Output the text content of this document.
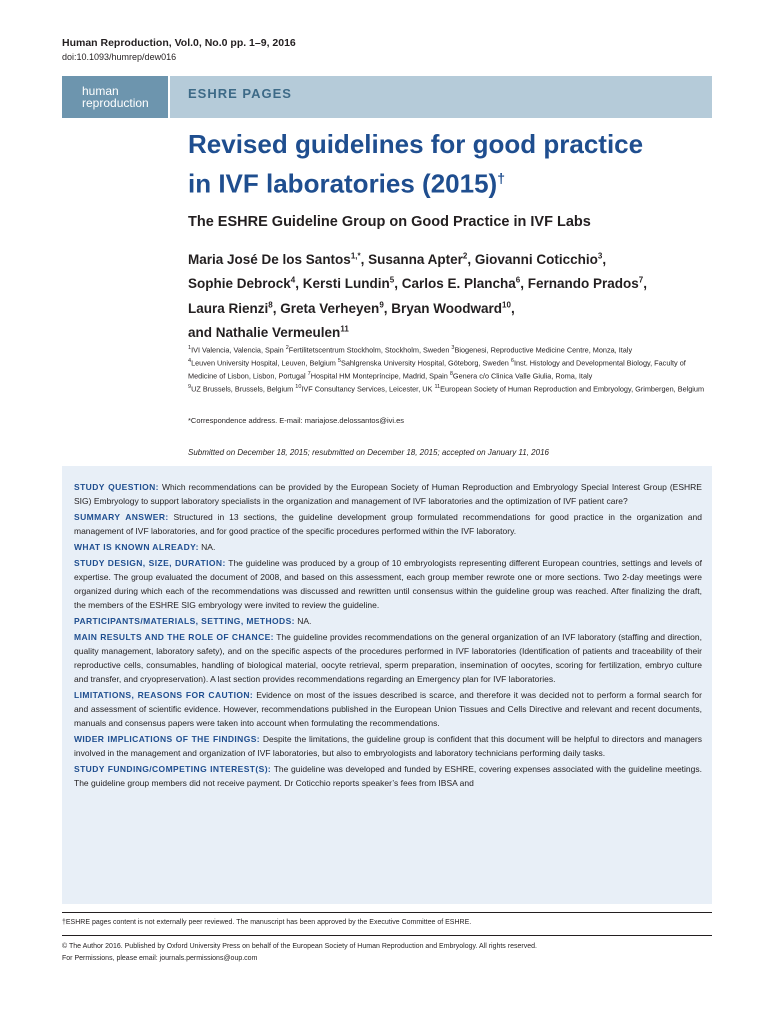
Human Reproduction, Vol.0, No.0 pp. 1–9, 2016
doi:10.1093/humrep/dew016
human
reproduction
ESHRE PAGES
Revised guidelines for good practice
in IVF laboratories (2015)†
The ESHRE Guideline Group on Good Practice in IVF Labs

Maria José De los Santos$^{1,*}$, Susanna Apter$^2$, Giovanni Coticchio$^3$,
Sophie Debrock$^4$, Kersti Lundin$^5$, Carlos E. Plancha$^6$, Fernando Prados$^7$,
Laura Rienzi$^8$, Greta Verheyen$^9$, Bryan Woodward$^{10}$,
and Nathalie Vermeulen$^{11}$

$^1$IVI Valencia, Valencia, Spain $^2$Fertilitetscentrum Stockholm, Stockholm, Sweden $^3$Biogenesi, Reproductive Medicine Centre, Monza, Italy
$^4$Leuven University Hospital, Leuven, Belgium $^5$Sahlgrenska University Hospital, Göteborg, Sweden $^6$Inst. Histology and Developmental Biology, Faculty of Medicine of Lisbon, Lisbon, Portugal $^7$Hospital HM Montepríncipe, Madrid, Spain $^8$Genera c/o Clinica Valle Giulia, Roma, Italy
$^9$UZ Brussels, Brussels, Belgium $^{10}$IVF Consultancy Services, Leicester, UK $^{11}$European Society of Human Reproduction and Embryology, Grimbergen, Belgium

*Correspondence address. E-mail: mariajose.delossantos@ivi.es
Submitted on December 18, 2015; resubmitted on December 18, 2015; accepted on January 11, 2016

STUDY QUESTION: Which recommendations can be provided by the European Society of Human Reproduction and Embryology Special Interest Group (ESHRE SIG) Embryology to support laboratory specialists in the organization and management of IVF laboratories and the optimization of IVF patient care?

SUMMARY ANSWER: Structured in 13 sections, the guideline development group formulated recommendations for good practice in the organization and management of IVF laboratories, and for good practice of the specific procedures performed within the IVF laboratory.

WHAT IS KNOWN ALREADY: NA.

STUDY DESIGN, SIZE, DURATION: The guideline was produced by a group of 10 embryologists representing different European countries, settings and levels of expertise. The group evaluated the document of 2008, and based on this assessment, each group member rewrote one or more sections. Two 2-day meetings were organized during which each of the recommendations was discussed and rewritten until consensus within the guideline group was reached. After finalizing the draft, the members of the ESHRE SIG embryology were invited to review the guideline.

PARTICIPANTS/MATERIALS, SETTING, METHODS: NA.

MAIN RESULTS AND THE ROLE OF CHANCE: The guideline provides recommendations on the general organization of an IVF laboratory (staffing and direction, quality management, laboratory safety), and on the specific aspects of the procedures performed in IVF laboratories (Identification of patients and traceability of their reproductive cells, consumables, handling of biological material, oocyte retrieval, sperm preparation, insemination of oocytes, scoring for fertilization, embryo culture and transfer, and cryopreservation). A last section provides recommendations regarding an Emergency plan for IVF laboratories.

LIMITATIONS, REASONS FOR CAUTION: Evidence on most of the issues described is scarce, and therefore it was decided not to perform a formal search for and assessment of scientific evidence. However, recommendations published in the European Union Tissues and Cells Directive and relevant and recent documents, manuals and consensus papers were taken into account when formulating the recommendations.

WIDER IMPLICATIONS OF THE FINDINGS: Despite the limitations, the guideline group is confident that this document will be helpful to directors and managers involved in the management and organization of IVF laboratories, but also to embryologists and laboratory technicians performing daily tasks.

STUDY FUNDING/COMPETING INTEREST(S): The guideline was developed and funded by ESHRE, covering expenses associated with the guideline meetings. The guideline group members did not receive payment. Dr Coticchio reports speaker’s fees from IBSA and

†ESHRE pages content is not externally peer reviewed. The manuscript has been approved by the Executive Committee of ESHRE.
© The Author 2016. Published by Oxford University Press on behalf of the European Society of Human Reproduction and Embryology. All rights reserved.
For Permissions, please email: journals.permissions@oup.com
